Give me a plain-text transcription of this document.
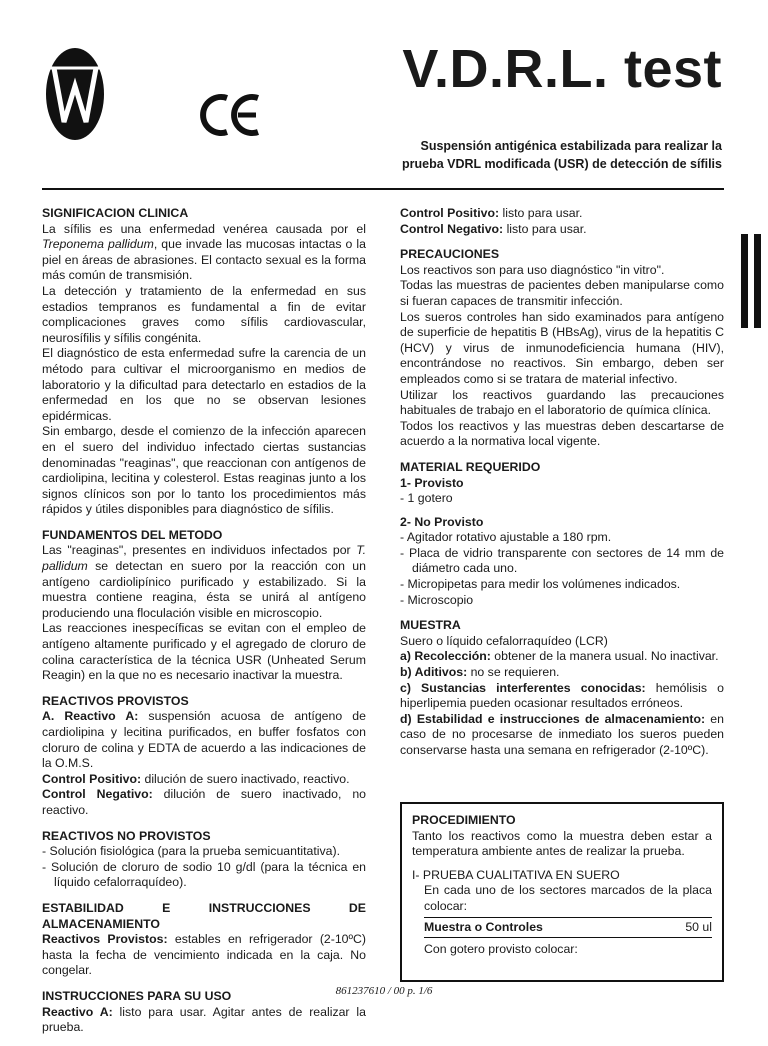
V.D.R.L. test
Suspensión antigénica estabilizada para realizar la prueba VDRL modificada (USR) de detección de sífilis

SIGNIFICACION CLINICA

La sífilis es una enfermedad venérea causada por el Treponema pallidum, que invade las mucosas intactas o la piel en áreas de abrasiones. El contacto sexual es la forma más común de transmisión.

La detección y tratamiento de la enfermedad en sus estadios tempranos es fundamental a fin de evitar complicaciones graves como sífilis cardiovascular, neurosífilis y sífilis congénita.

El diagnóstico de esta enfermedad sufre la carencia de un método para cultivar el microorganismo en medios de laboratorio y la dificultad para detectarlo en estadios de la enfermedad en los que no se observan lesiones epidérmicas.

Sin embargo, desde el comienzo de la infección aparecen en el suero del individuo infectado ciertas sustancias denominadas "reaginas", que reaccionan con antígenos de cardiolipina, lecitina y colesterol. Estas reaginas junto a los signos clínicos son por lo tanto los procedimientos más rápidos y útiles disponibles para diagnóstico de sífilis.

FUNDAMENTOS DEL METODO

Las "reaginas", presentes en individuos infectados por T. pallidum se detectan en suero por la reacción con un antígeno cardiolipínico purificado y estabilizado. Si la muestra contiene reagina, ésta se unirá al antígeno produciendo una floculación visible en microscopio.

Las reacciones inespecíficas se evitan con el empleo de antígeno altamente purificado y el agregado de cloruro de colina característica de la técnica USR (Unheated Serum Reagin) en la que no es necesario inactivar la muestra.

REACTIVOS PROVISTOS

A. Reactivo A: suspensión acuosa de antígeno de cardiolipina y lecitina purificados, en buffer fosfatos con cloruro de colina y EDTA de acuerdo a las indicaciones de la O.M.S.

Control Positivo: dilución de suero inactivado, reactivo.

Control Negativo: dilución de suero inactivado, no reactivo.

REACTIVOS NO PROVISTOS

- Solución fisiológica (para la prueba semicuantitativa).

- Solución de cloruro de sodio 10 g/dl (para la técnica en líquido cefalorraquídeo).

ESTABILIDAD E INSTRUCCIONES DE ALMACENAMIENTO

Reactivos Provistos: estables en refrigerador (2-10ºC) hasta la fecha de vencimiento indicada en la caja. No congelar.

INSTRUCCIONES PARA SU USO

Reactivo A: listo para usar. Agitar antes de realizar la prueba.

Control Positivo: listo para usar.

Control Negativo: listo para usar.

PRECAUCIONES

Los reactivos son para uso diagnóstico "in vitro".

Todas las muestras de pacientes deben manipularse como si fueran capaces de transmitir infección.

Los sueros controles han sido examinados para antígeno de superficie de hepatitis B (HBsAg), virus de la hepatitis C (HCV) y virus de inmunodeficiencia humana (HIV), encontrándose no reactivos. Sin embargo, deben ser empleados como si se tratara de material infectivo.

Utilizar los reactivos guardando las precauciones habituales de trabajo en el laboratorio de química clínica.

Todos los reactivos y las muestras deben descartarse de acuerdo a la normativa local vigente.

MATERIAL REQUERIDO

1- Provisto

- 1 gotero

2- No Provisto

- Agitador rotativo ajustable a 180 rpm.

- Placa de vidrio transparente con sectores de 14 mm de diámetro cada uno.

- Micropipetas para medir los volúmenes indicados.

- Microscopio

MUESTRA

Suero o líquido cefalorraquídeo (LCR)

a) Recolección: obtener de la manera usual. No inactivar.

b) Aditivos: no se requieren.

c) Sustancias interferentes conocidas: hemólisis o hiperlipemia pueden ocasionar resultados erróneos.

d) Estabilidad e instrucciones de almacenamiento: en caso de no procesarse de inmediato los sueros pueden conservarse hasta una semana en refrigerador (2-10ºC).

PROCEDIMIENTO

Tanto los reactivos como la muestra deben estar a temperatura ambiente antes de realizar la prueba.

I- PRUEBA CUALITATIVA EN SUERO

En cada uno de los sectores marcados de la placa colocar:

Muestra o Controles	50 ul

Con gotero provisto colocar:

861237610 / 00 p. 1/6
